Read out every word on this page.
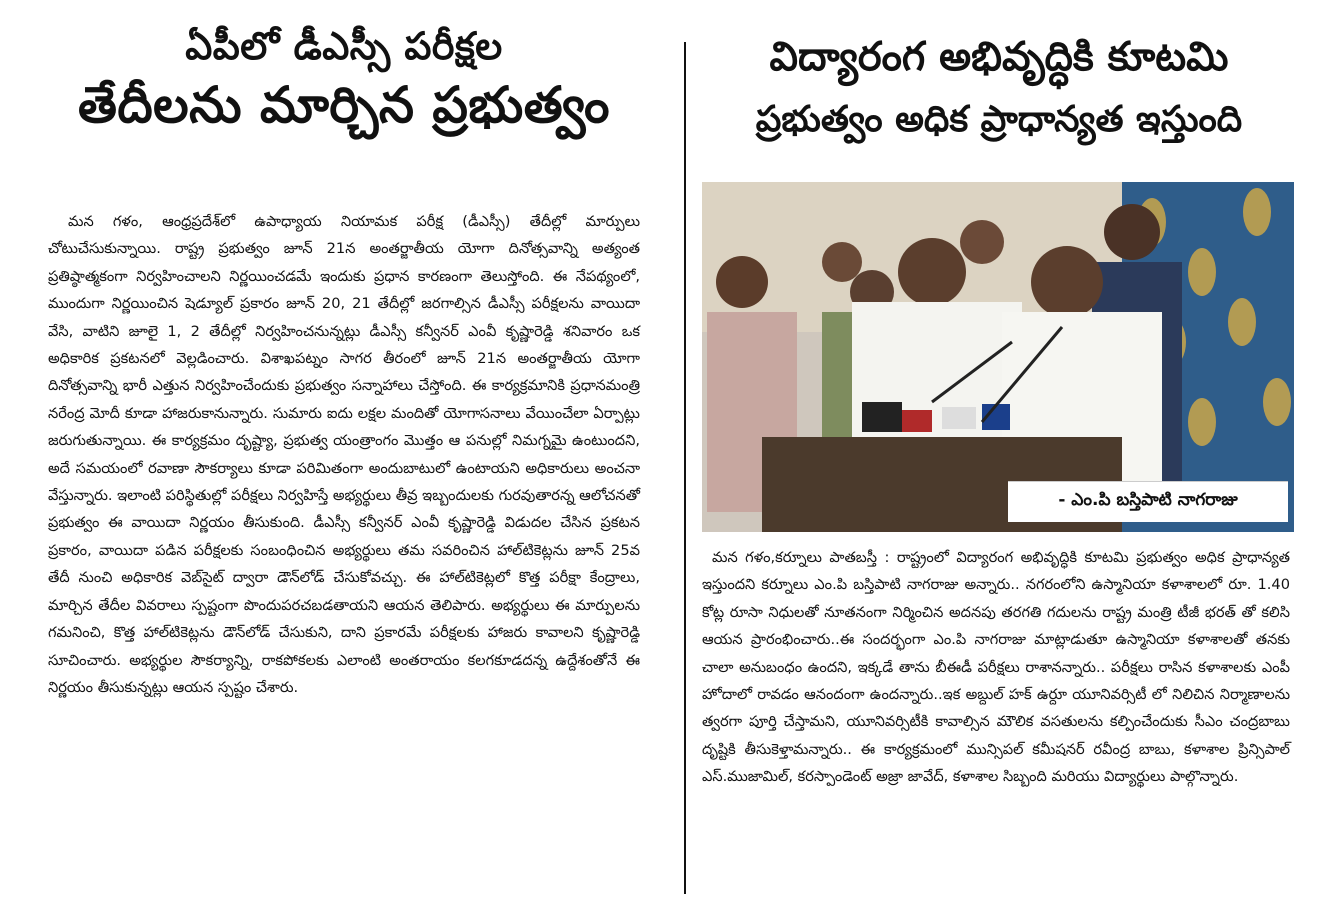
ఏపీలో డీఎస్సీ పరీక్షల
తేదీలను మార్చిన ప్రభుత్వం

మన గళం, ఆంధ్రప్రదేశ్‌లో ఉపాధ్యాయ నియామక పరీక్ష (డీఎస్సీ) తేదీల్లో మార్పులు చోటుచేసుకున్నాయి. రాష్ట్ర ప్రభుత్వం జూన్ 21న అంతర్జాతీయ యోగా దినోత్సవాన్ని అత్యంత ప్రతిష్ఠాత్మకంగా నిర్వహించాలని నిర్ణయించడమే ఇందుకు ప్రధాన కారణంగా తెలుస్తోంది. ఈ నేపథ్యంలో, ముందుగా నిర్ణయించిన షెడ్యూల్ ప్రకారం జూన్ 20, 21 తేదీల్లో జరగాల్సిన డీఎస్సీ పరీక్షలను వాయిదా వేసి, వాటిని జూలై 1, 2 తేదీల్లో నిర్వహించనున్నట్లు డీఎస్సీ కన్వీనర్ ఎంవీ కృష్ణారెడ్డి శనివారం ఒక అధికారిక ప్రకటనలో వెల్లడించారు. విశాఖపట్నం సాగర తీరంలో జూన్ 21న అంతర్జాతీయ యోగా దినోత్సవాన్ని భారీ ఎత్తున నిర్వహించేందుకు ప్రభుత్వం సన్నాహాలు చేస్తోంది. ఈ కార్యక్రమానికి ప్రధానమంత్రి నరేంద్ర మోదీ కూడా హాజరుకానున్నారు. సుమారు ఐదు లక్షల మందితో యోగాసనాలు వేయించేలా ఏర్పాట్లు జరుగుతున్నాయి. ఈ కార్యక్రమం దృష్ట్యా, ప్రభుత్వ యంత్రాంగం మొత్తం ఆ పనుల్లో నిమగ్నమై ఉంటుందని, అదే సమయంలో రవాణా సౌకర్యాలు కూడా పరిమితంగా అందుబాటులో ఉంటాయని అధికారులు అంచనా వేస్తున్నారు. ఇలాంటి పరిస్థితుల్లో పరీక్షలు నిర్వహిస్తే అభ్యర్థులు తీవ్ర ఇబ్బందులకు గురవుతారన్న ఆలోచనతో ప్రభుత్వం ఈ వాయిదా నిర్ణయం తీసుకుంది. డీఎస్సీ కన్వీనర్ ఎంవీ కృష్ణారెడ్డి విడుదల చేసిన ప్రకటన ప్రకారం, వాయిదా పడిన పరీక్షలకు సంబంధించిన అభ్యర్థులు తమ సవరించిన హాల్‌టికెట్లను జూన్ 25వ తేదీ నుంచి అధికారిక వెబ్‌సైట్ ద్వారా డౌన్‌లోడ్ చేసుకోవచ్చు. ఈ హాల్‌టికెట్లలో కొత్త పరీక్షా కేంద్రాలు, మార్చిన తేదీల వివరాలు స్పష్టంగా పొందుపరచబడతాయని ఆయన తెలిపారు. అభ్యర్థులు ఈ మార్పులను గమనించి, కొత్త హాల్‌టికెట్లను డౌన్‌లోడ్ చేసుకుని, దాని ప్రకారమే పరీక్షలకు హాజరు కావాలని కృష్ణారెడ్డి సూచించారు. అభ్యర్థుల సౌకర్యాన్ని, రాకపోకలకు ఎలాంటి అంతరాయం కలగకూడదన్న ఉద్దేశంతోనే ఈ నిర్ణయం తీసుకున్నట్లు ఆయన స్పష్టం చేశారు.

విద్యారంగ అభివృద్ధికి కూటమి
ప్రభుత్వం అధిక ప్రాధాన్యత ఇస్తుంది
- ఎం.పి బస్తిపాటి నాగరాజు

మన గళం,కర్నూలు పాతబస్తీ : రాష్ట్రంలో విద్యారంగ అభివృద్ధికి కూటమి ప్రభుత్వం అధిక ప్రాధాన్యత ఇస్తుందని కర్నూలు ఎం.పి బస్తిపాటి నాగరాజు అన్నారు.. నగరంలోని ఉస్మానియా కళాశాలలో రూ. 1.40 కోట్ల రూసా నిధులతో నూతనంగా నిర్మించిన అదనపు తరగతి గదులను రాష్ట్ర మంత్రి టీజీ భరత్ తో కలిసి ఆయన ప్రారంభించారు..ఈ సందర్భంగా ఎం.పి నాగరాజు మాట్లాడుతూ ఉస్మానియా కళాశాలతో తనకు చాలా అనుబంధం ఉందని, ఇక్కడే తాను బీఈడీ పరీక్షలు రాశానన్నారు.. పరీక్షలు రాసిన కళాశాలకు ఎంపీ హోదాలో రావడం ఆనందంగా ఉందన్నారు..ఇక అబ్దుల్ హక్ ఉర్దూ యూనివర్సిటీ లో నిలిచిన నిర్మాణాలను త్వరగా పూర్తి చేస్తామని, యూనివర్సిటీకి కావాల్సిన మౌలిక వసతులను కల్పించేందుకు సీఎం చంద్రబాబు దృష్టికి తీసుకెళ్తామన్నారు.. ఈ కార్యక్రమంలో మున్సిపల్ కమీషనర్ రవీంద్ర బాబు, కళాశాల ప్రిన్సిపాల్ ఎస్.ముజామిల్, కరస్పాండెంట్ అజ్రా జావేద్, కళాశాల సిబ్బంది మరియు విద్యార్థులు పాల్గొన్నారు.
